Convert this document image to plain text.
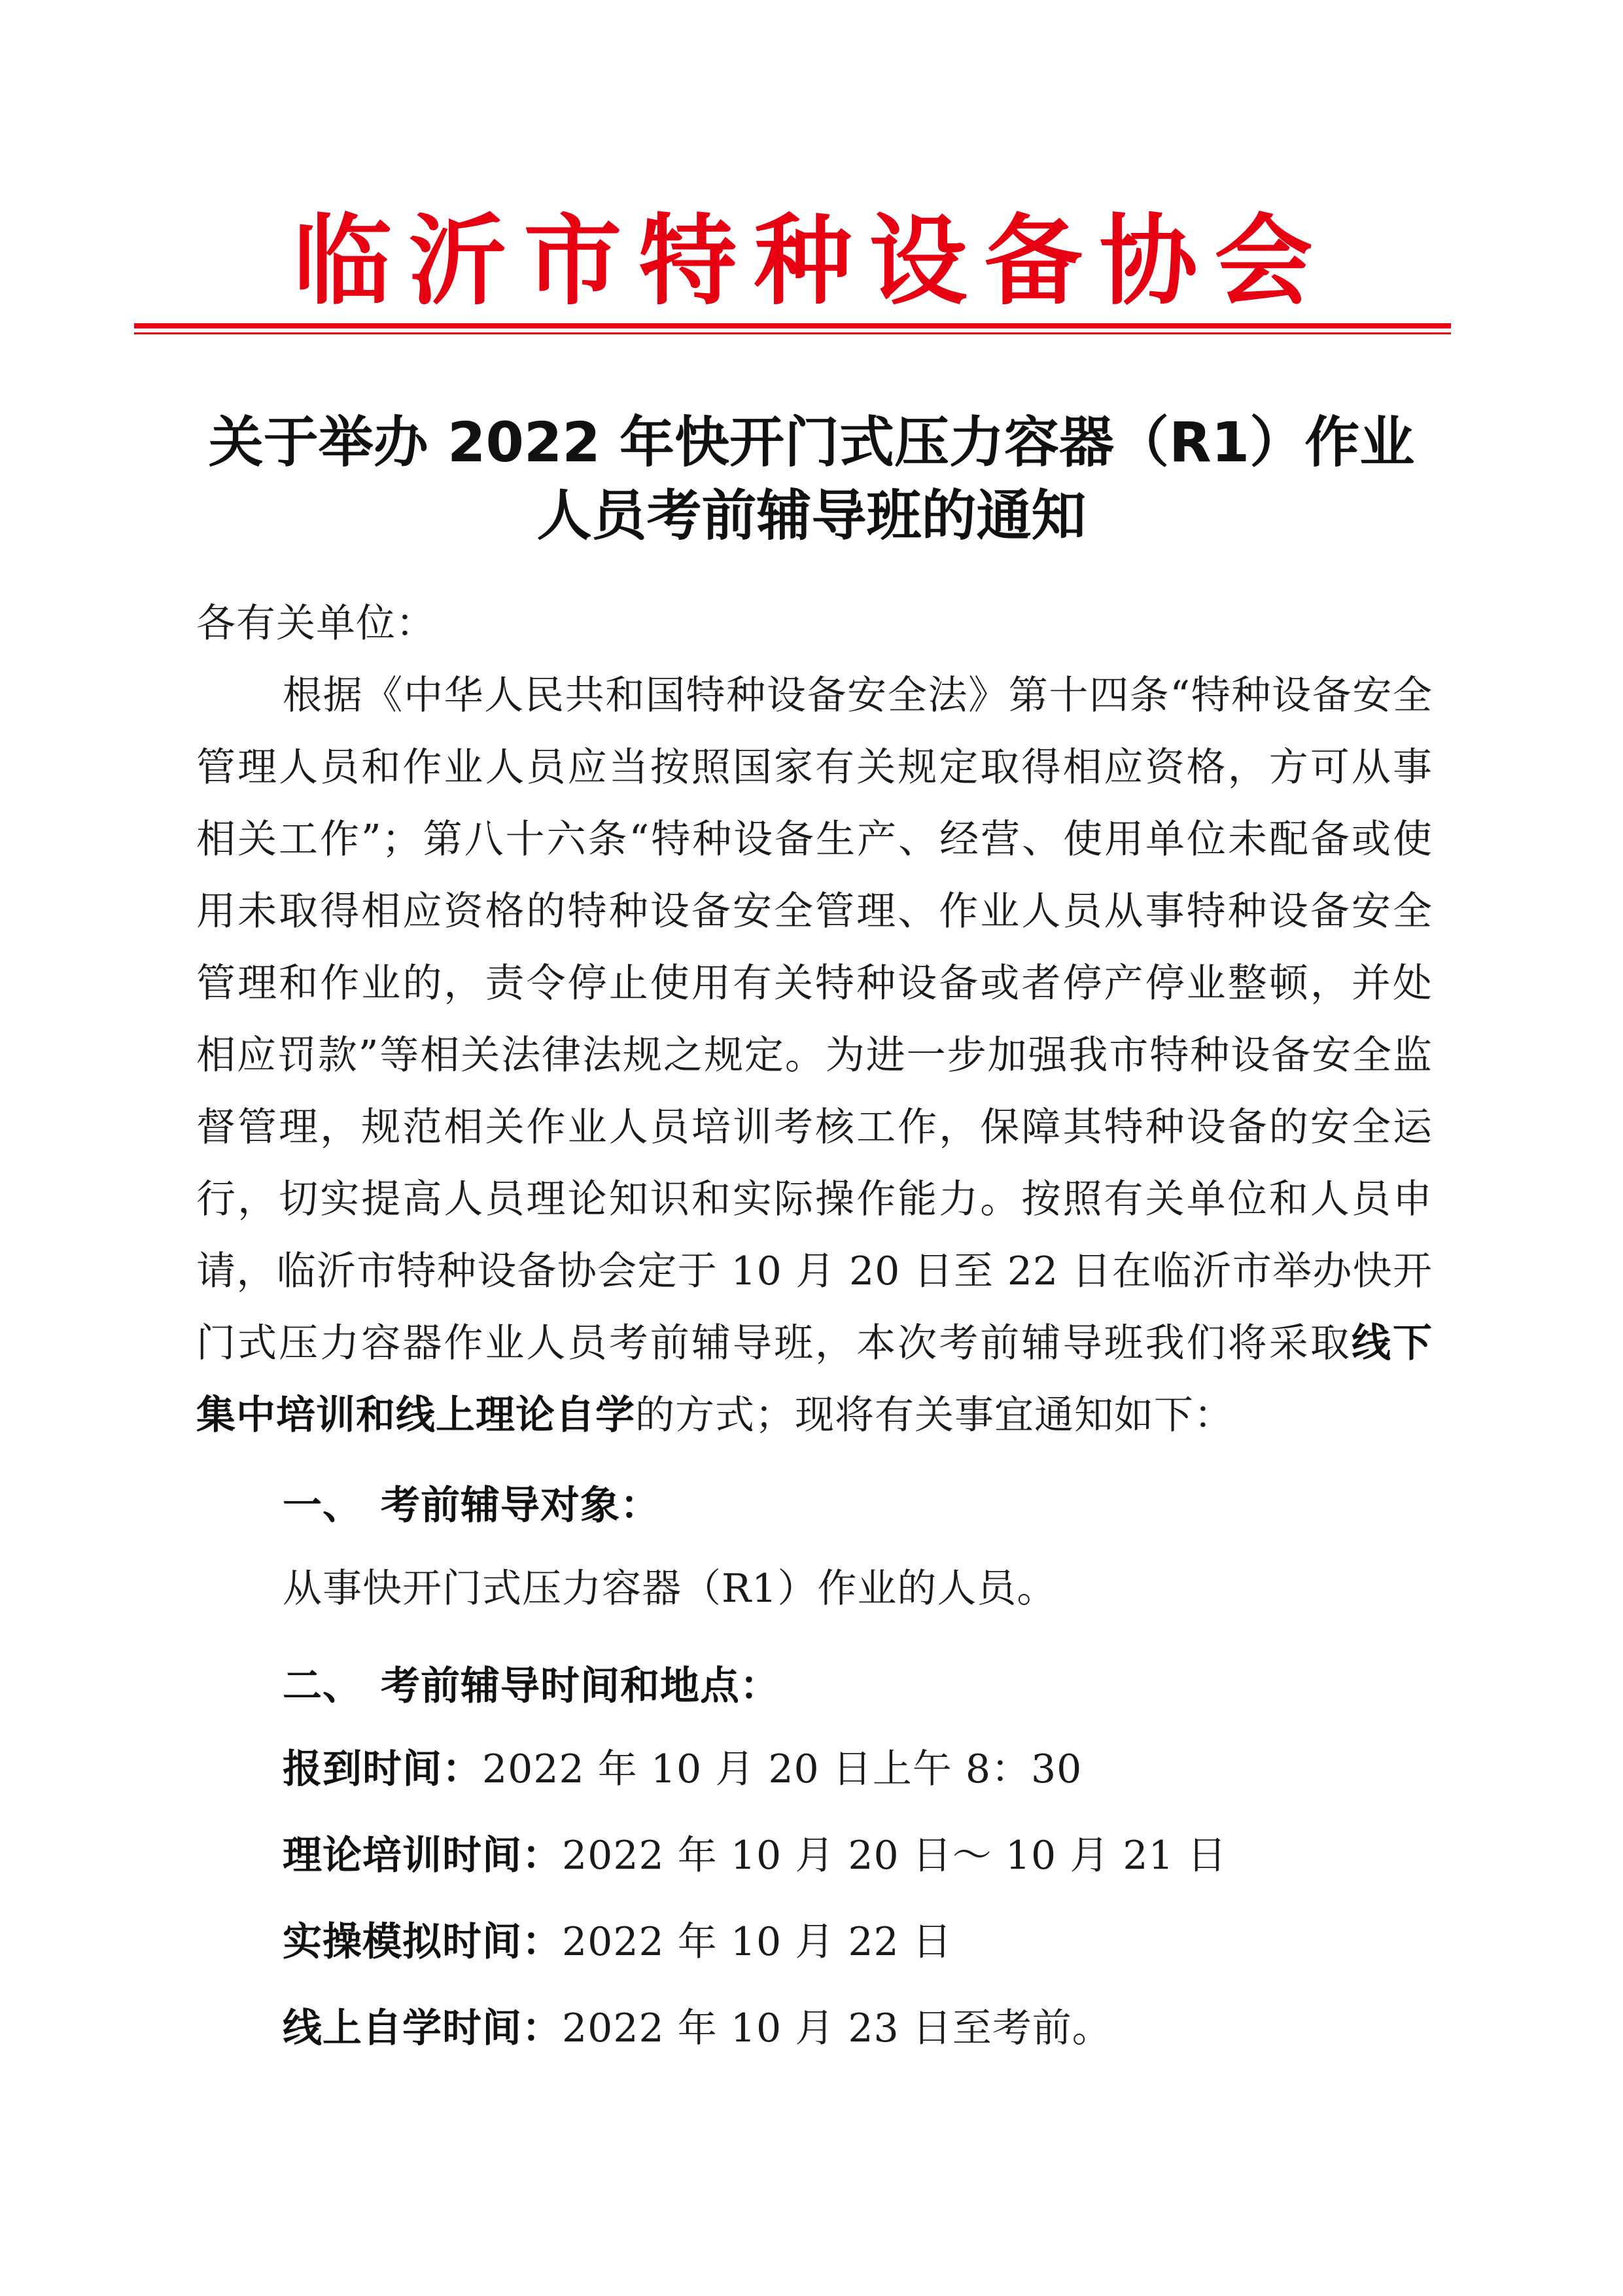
临沂市特种设备协会
关于举办 2022 年快开门式压力容器（R1）作业
人员考前辅导班的通知

各有关单位：

根据《中华人民共和国特种设备安全法》第十四条“特种设备安全管理人员和作业人员应当按照国家有关规定取得相应资格，方可从事相关工作”；第八十六条“特种设备生产、经营、使用单位未配备或使用未取得相应资格的特种设备安全管理、作业人员从事特种设备安全管理和作业的，责令停止使用有关特种设备或者停产停业整顿，并处相应罚款”等相关法律法规之规定。为进一步加强我市特种设备安全监督管理，规范相关作业人员培训考核工作，保障其特种设备的安全运行，切实提高人员理论知识和实际操作能力。按照有关单位和人员申请，临沂市特种设备协会定于 10 月 20 日至 22 日在临沂市举办快开门式压力容器作业人员考前辅导班，本次考前辅导班我们将采取线下集中培训和线上理论自学的方式；现将有关事宜通知如下：

一、 考前辅导对象：

从事快开门式压力容器（R1）作业的人员。

二、 考前辅导时间和地点：

报到时间：2022 年 10 月 20 日上午 8：30

理论培训时间：2022 年 10 月 20 日～ 10 月 21 日

实操模拟时间：2022 年 10 月 22 日

线上自学时间：2022 年 10 月 23 日至考前。
